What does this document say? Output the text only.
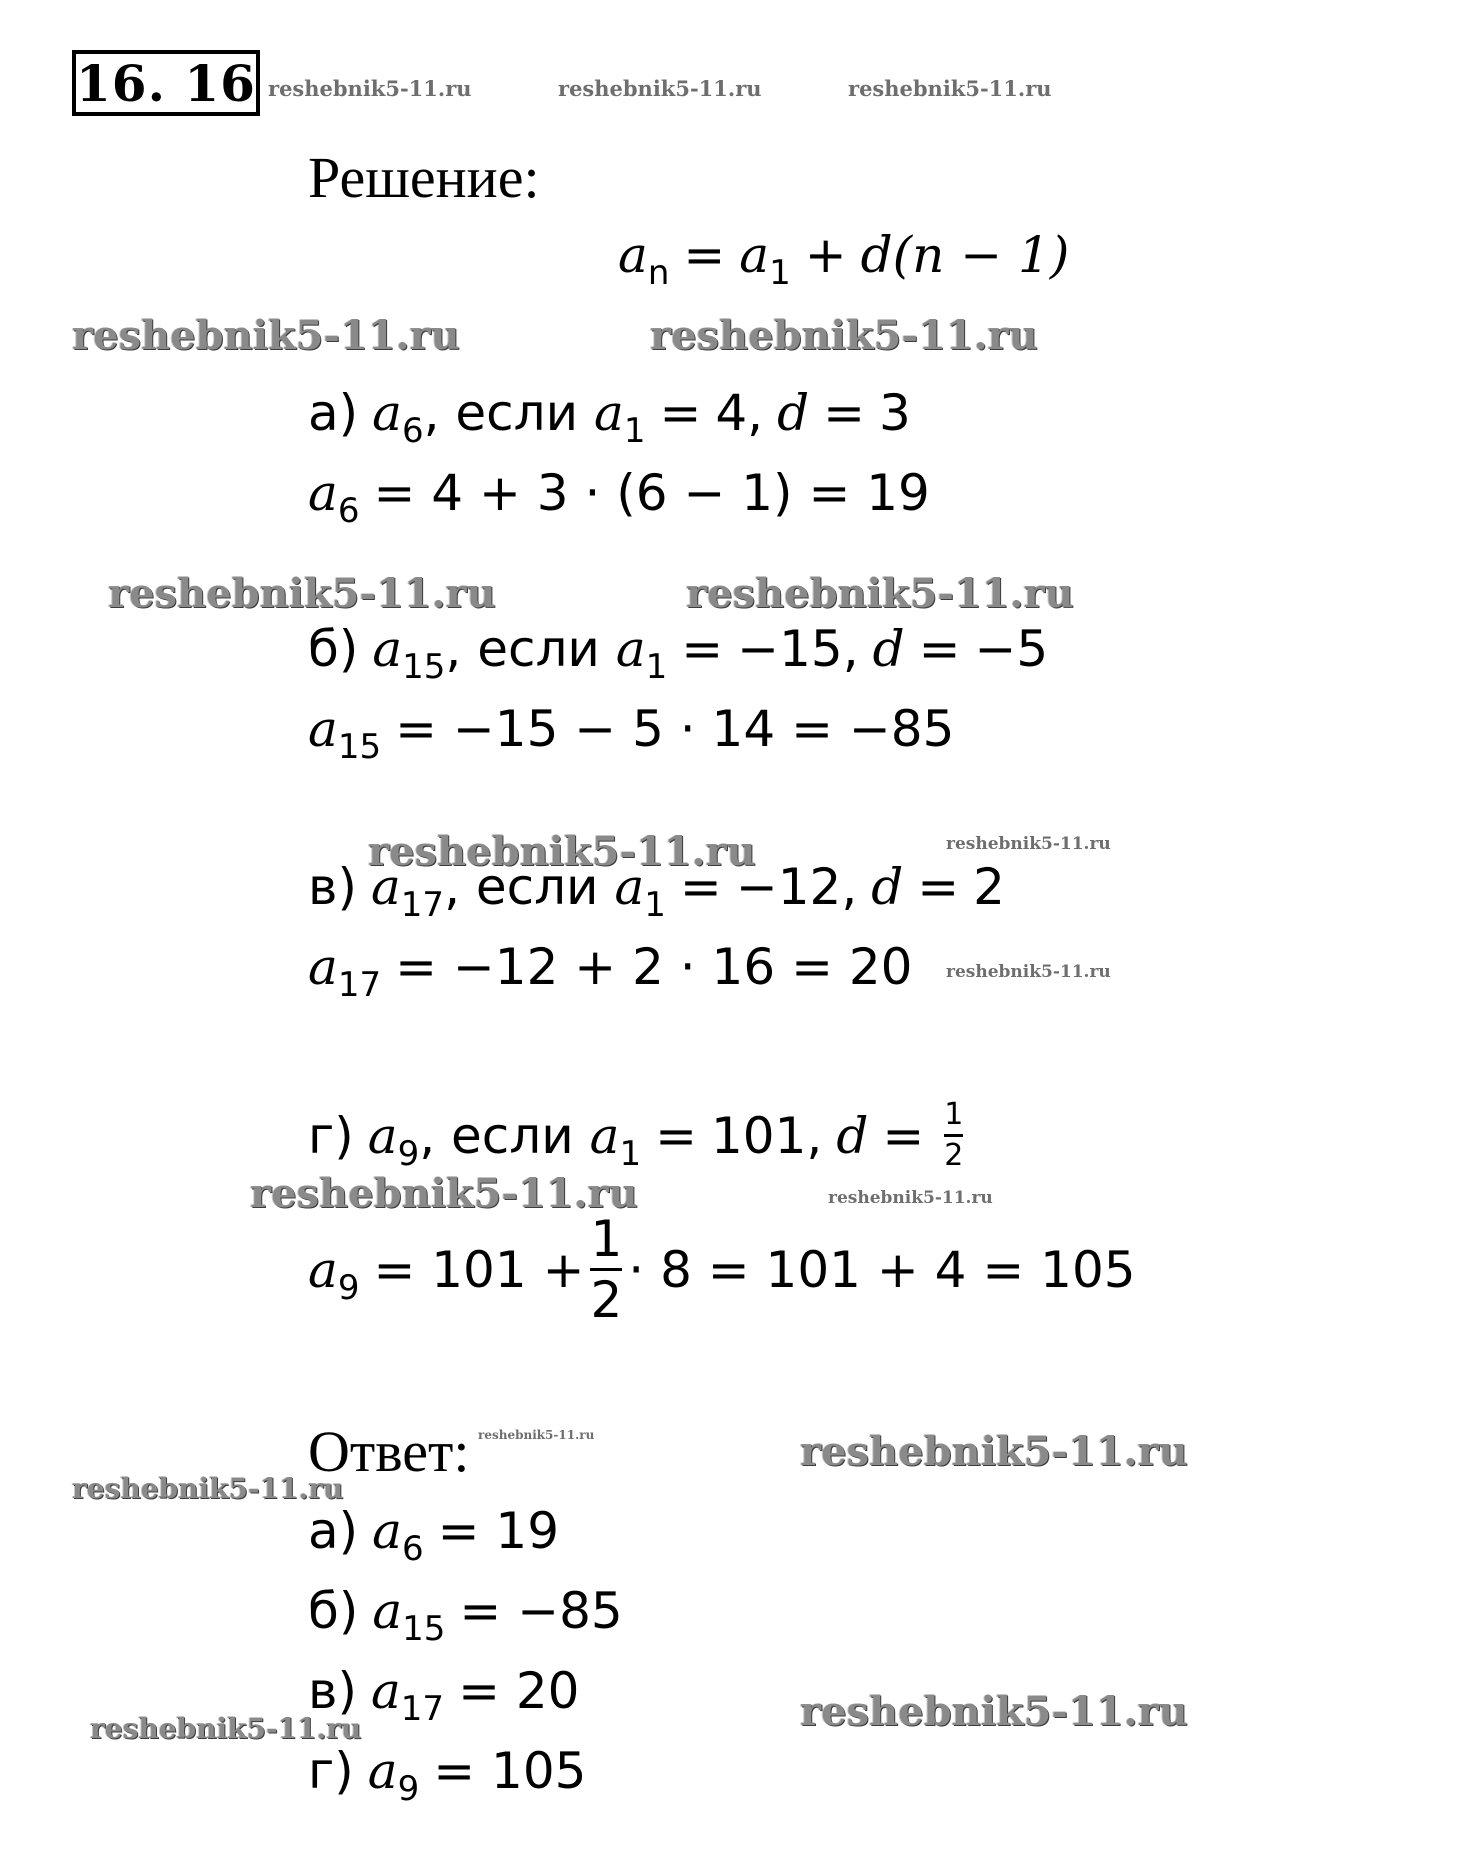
16. 16 reshebnik5-11.ru	reshebnik5-11.ru	reshebnik5-11.ru
reshebnik5-11.ru	reshebnik5-11.ru
reshebnik5-11.ru	reshebnik5-11.ru
reshebnik5-11.ru	reshebnik5-11.ru
reshebnik5-11.ru
reshebnik5-11.ru	reshebnik5-11.ru
reshebnik5-11.ru	reshebnik5-11.ru
reshebnik5-11.ru
reshebnik5-11.ru
reshebnik5-11.ru
Решение:
$a_n = a_1 + d(n - 1)$
а) $a_6$ , если $a_1 = 4$, d = 3
$a_6 = 4 + 3 \cdot (6 - 1) = 19$
б) $a_{15}$ , если $a_1 = -15$, d = −5
$a_{15} = -15 - 5 \cdot 14 = -85$
в) $a_{17}$ , если $a_1 = -12$, d = 2
$a_{17} = -12 + 2 \cdot 16 = 20$
г) $a_9$ , если $a_1 = 101$, $d = \frac{1}{2}$
$a_9 = 101 + \frac{1}{2} \cdot 8 = 101 + 4 = 105$
Ответ:
а) $a_6 = 19$
б) $a_{15} = -85$
в) $a_{17} = 20$
г) $a_9 = 105$
